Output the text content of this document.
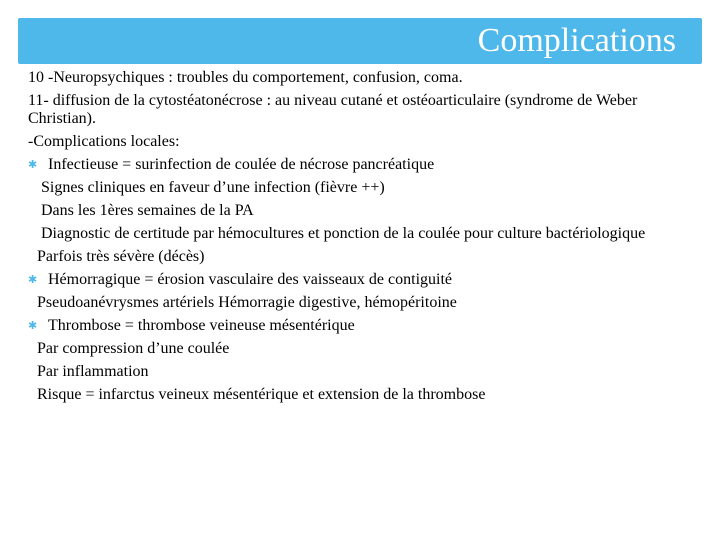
Complications
10 -Neuropsychiques : troubles du comportement, confusion, coma.
11- diffusion de la cytostéatonécrose : au niveau cutané et ostéoarticulaire (syndrome de Weber Christian).
-Complications locales:
✱ Infectieuse = surinfection de coulée de nécrose pancréatique
Signes cliniques en faveur d’une infection (fièvre ++)
Dans les 1ères semaines de la PA
Diagnostic de certitude par hémocultures et ponction de la coulée pour culture bactériologique
Parfois très sévère (décès)
✱ Hémorragique = érosion vasculaire des vaisseaux de contiguité
Pseudoanévrysmes artériels Hémorragie digestive, hémopéritoine
✱ Thrombose = thrombose veineuse mésentérique
Par compression d’une coulée
Par inflammation
Risque = infarctus veineux mésentérique et extension de la thrombose
